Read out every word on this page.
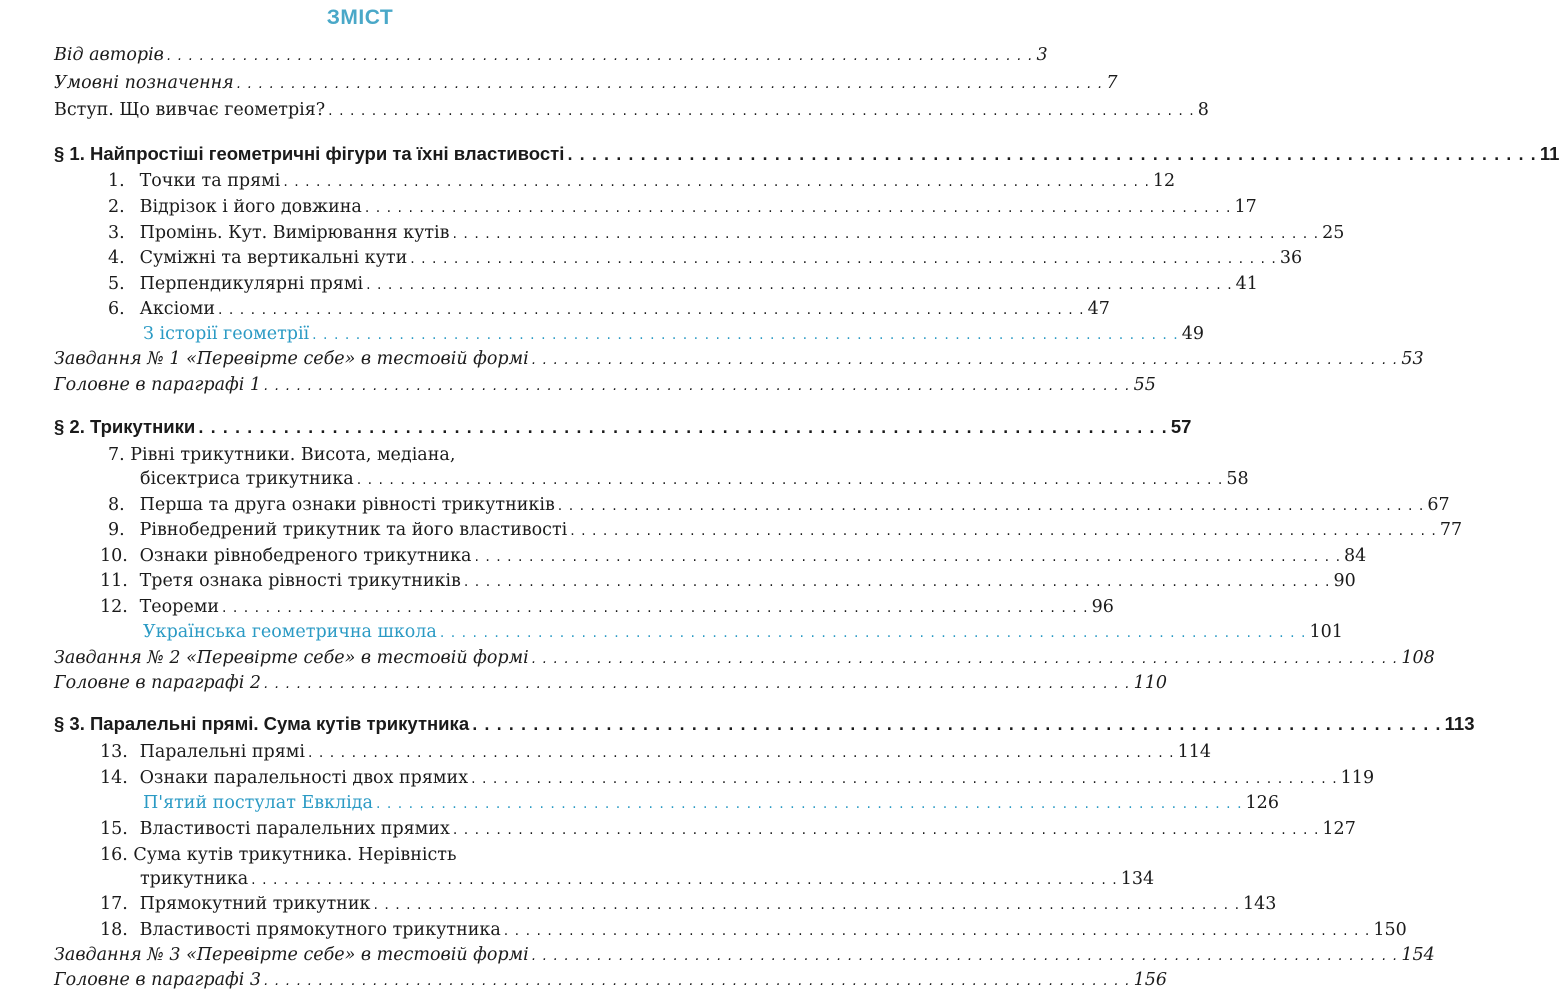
ЗМІСТ
Від авторів . . . . . . . . . . . . . . . . . . . . . . . . . . . . . . . . . . . . . . . . . . . . . . . . . . . . . . . . . . . . . . . . . . . . . . . . . . . . . . . . 3
Умовні позначення . . . . . . . . . . . . . . . . . . . . . . . . . . . . . . . . . . . . . . . . . . . . . . . . . . . . . . . . . . . . . . . . . . . . . . . . . . . . . . . . 7
Вступ. Що вивчає геометрія? . . . . . . . . . . . . . . . . . . . . . . . . . . . . . . . . . . . . . . . . . . . . . . . . . . . . . . . . . . . . . . . . . . . . . . . . . . . . . . . . 8
§ 1. Найпростіші геометричні фігури та їхні властивості . . . . . . . . . . . . . . . . . . . . . . . . . . . . . . . . . . . . . . . . . . . . . . . . . . . . . . . . . . . . . . . . . . . . . . . . . . . . . . . . 11
1.
Точки та прямі . . . . . . . . . . . . . . . . . . . . . . . . . . . . . . . . . . . . . . . . . . . . . . . . . . . . . . . . . . . . . . . . . . . . . . . . . . . . . . . . 12
2.
Відрізок і його довжина . . . . . . . . . . . . . . . . . . . . . . . . . . . . . . . . . . . . . . . . . . . . . . . . . . . . . . . . . . . . . . . . . . . . . . . . . . . . . . . . 17
3.
Промінь. Кут. Вимірювання кутів . . . . . . . . . . . . . . . . . . . . . . . . . . . . . . . . . . . . . . . . . . . . . . . . . . . . . . . . . . . . . . . . . . . . . . . . . . . . . . . . 25
4.
Суміжні та вертикальні кути . . . . . . . . . . . . . . . . . . . . . . . . . . . . . . . . . . . . . . . . . . . . . . . . . . . . . . . . . . . . . . . . . . . . . . . . . . . . . . . . 36
5.
Перпендикулярні прямі . . . . . . . . . . . . . . . . . . . . . . . . . . . . . . . . . . . . . . . . . . . . . . . . . . . . . . . . . . . . . . . . . . . . . . . . . . . . . . . . 41
6.
Аксіоми . . . . . . . . . . . . . . . . . . . . . . . . . . . . . . . . . . . . . . . . . . . . . . . . . . . . . . . . . . . . . . . . . . . . . . . . . . . . . . . . 47
З історії геометрії . . . . . . . . . . . . . . . . . . . . . . . . . . . . . . . . . . . . . . . . . . . . . . . . . . . . . . . . . . . . . . . . . . . . . . . . . . . . . . . . 49
Завдання № 1 «Перевірте себе» в тестовій формі . . . . . . . . . . . . . . . . . . . . . . . . . . . . . . . . . . . . . . . . . . . . . . . . . . . . . . . . . . . . . . . . . . . . . . . . . . . . . . . . 53
Головне в параграфі 1 . . . . . . . . . . . . . . . . . . . . . . . . . . . . . . . . . . . . . . . . . . . . . . . . . . . . . . . . . . . . . . . . . . . . . . . . . . . . . . . . 55
§ 2. Трикутники . . . . . . . . . . . . . . . . . . . . . . . . . . . . . . . . . . . . . . . . . . . . . . . . . . . . . . . . . . . . . . . . . . . . . . . . . . . . . . . . 57
7. Рівні трикутники. Висота, медіана,
бісектриса трикутника . . . . . . . . . . . . . . . . . . . . . . . . . . . . . . . . . . . . . . . . . . . . . . . . . . . . . . . . . . . . . . . . . . . . . . . . . . . . . . . . 58
8.
Перша та друга ознаки рівності трикутників . . . . . . . . . . . . . . . . . . . . . . . . . . . . . . . . . . . . . . . . . . . . . . . . . . . . . . . . . . . . . . . . . . . . . . . . . . . . . . . . 67
9.
Рівнобедрений трикутник та його властивості . . . . . . . . . . . . . . . . . . . . . . . . . . . . . . . . . . . . . . . . . . . . . . . . . . . . . . . . . . . . . . . . . . . . . . . . . . . . . . . . 77
10.
Ознаки рівнобедреного трикутника . . . . . . . . . . . . . . . . . . . . . . . . . . . . . . . . . . . . . . . . . . . . . . . . . . . . . . . . . . . . . . . . . . . . . . . . . . . . . . . . 84
11.
Третя ознака рівності трикутників . . . . . . . . . . . . . . . . . . . . . . . . . . . . . . . . . . . . . . . . . . . . . . . . . . . . . . . . . . . . . . . . . . . . . . . . . . . . . . . . 90
12.
Теореми . . . . . . . . . . . . . . . . . . . . . . . . . . . . . . . . . . . . . . . . . . . . . . . . . . . . . . . . . . . . . . . . . . . . . . . . . . . . . . . . 96
Українська геометрична школа . . . . . . . . . . . . . . . . . . . . . . . . . . . . . . . . . . . . . . . . . . . . . . . . . . . . . . . . . . . . . . . . . . . . . . . . . . . . . . . . 101
Завдання № 2 «Перевірте себе» в тестовій формі . . . . . . . . . . . . . . . . . . . . . . . . . . . . . . . . . . . . . . . . . . . . . . . . . . . . . . . . . . . . . . . . . . . . . . . . . . . . . . . . 108
Головне в параграфі 2 . . . . . . . . . . . . . . . . . . . . . . . . . . . . . . . . . . . . . . . . . . . . . . . . . . . . . . . . . . . . . . . . . . . . . . . . . . . . . . . . 110
§ 3. Паралельні прямі. Сума кутів трикутника . . . . . . . . . . . . . . . . . . . . . . . . . . . . . . . . . . . . . . . . . . . . . . . . . . . . . . . . . . . . . . . . . . . . . . . . . . . . . . . . 113
13.
Паралельні прямі . . . . . . . . . . . . . . . . . . . . . . . . . . . . . . . . . . . . . . . . . . . . . . . . . . . . . . . . . . . . . . . . . . . . . . . . . . . . . . . . 114
14.
Ознаки паралельності двох прямих . . . . . . . . . . . . . . . . . . . . . . . . . . . . . . . . . . . . . . . . . . . . . . . . . . . . . . . . . . . . . . . . . . . . . . . . . . . . . . . . 119
П'ятий постулат Евкліда . . . . . . . . . . . . . . . . . . . . . . . . . . . . . . . . . . . . . . . . . . . . . . . . . . . . . . . . . . . . . . . . . . . . . . . . . . . . . . . . 126
15.
Властивості паралельних прямих . . . . . . . . . . . . . . . . . . . . . . . . . . . . . . . . . . . . . . . . . . . . . . . . . . . . . . . . . . . . . . . . . . . . . . . . . . . . . . . . 127
16. Сума кутів трикутника. Нерівність
трикутника . . . . . . . . . . . . . . . . . . . . . . . . . . . . . . . . . . . . . . . . . . . . . . . . . . . . . . . . . . . . . . . . . . . . . . . . . . . . . . . . 134
17.
Прямокутний трикутник . . . . . . . . . . . . . . . . . . . . . . . . . . . . . . . . . . . . . . . . . . . . . . . . . . . . . . . . . . . . . . . . . . . . . . . . . . . . . . . . 143
18.
Властивості прямокутного трикутника . . . . . . . . . . . . . . . . . . . . . . . . . . . . . . . . . . . . . . . . . . . . . . . . . . . . . . . . . . . . . . . . . . . . . . . . . . . . . . . . 150
Завдання № 3 «Перевірте себе» в тестовій формі . . . . . . . . . . . . . . . . . . . . . . . . . . . . . . . . . . . . . . . . . . . . . . . . . . . . . . . . . . . . . . . . . . . . . . . . . . . . . . . . 154
Головне в параграфі 3 . . . . . . . . . . . . . . . . . . . . . . . . . . . . . . . . . . . . . . . . . . . . . . . . . . . . . . . . . . . . . . . . . . . . . . . . . . . . . . . . 156
